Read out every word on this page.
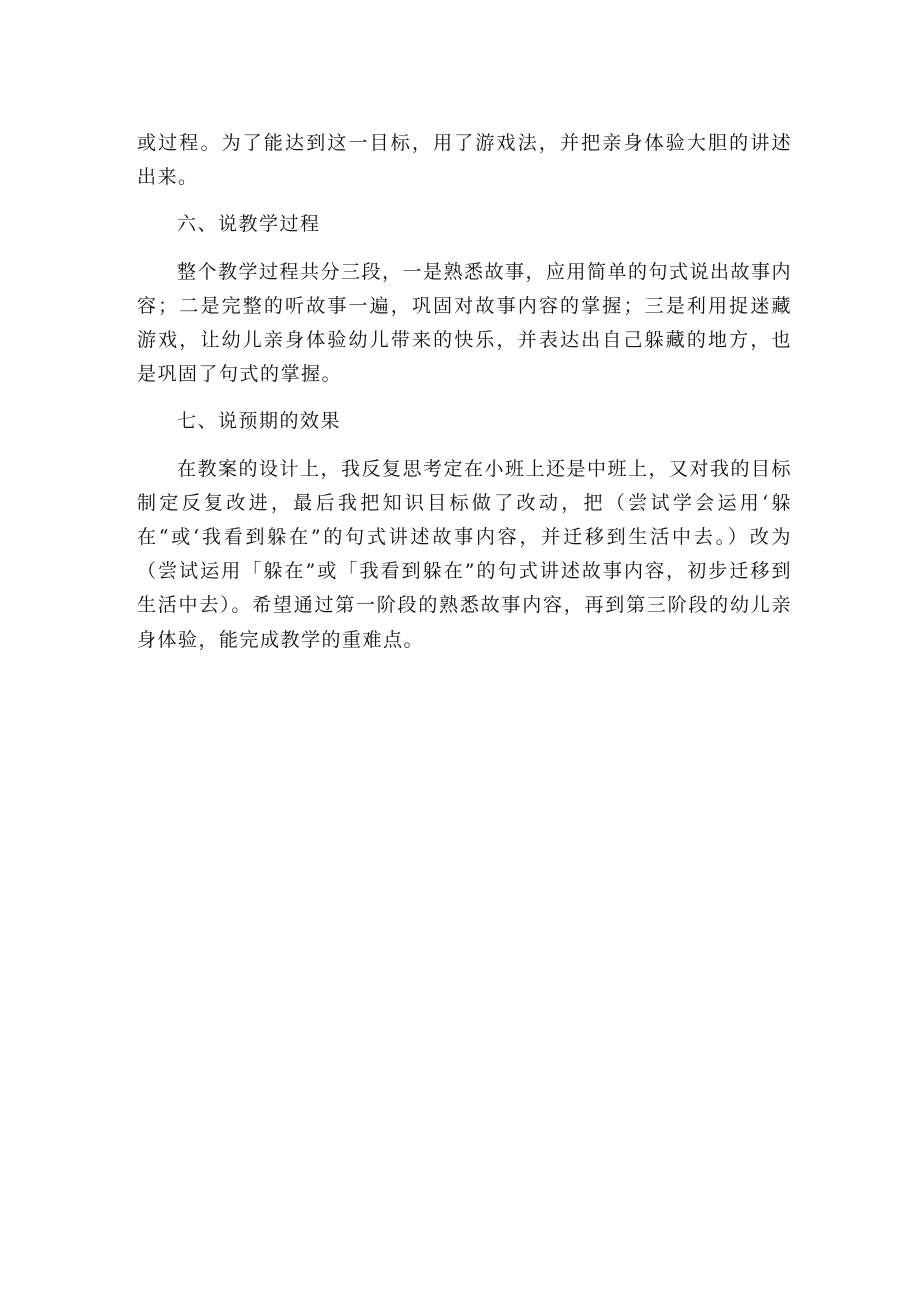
或过程。为了能达到这一目标，用了游戏法，并把亲身体验大胆的讲述出来。

六、说教学过程

整个教学过程共分三段，一是熟悉故事，应用简单的句式说出故事内容；二是完整的听故事一遍，巩固对故事内容的掌握；三是利用捉迷藏游戏，让幼儿亲身体验幼儿带来的快乐，并表达出自己躲藏的地方，也是巩固了句式的掌握。

七、说预期的效果

在教案的设计上，我反复思考定在小班上还是中班上，又对我的目标制定反复改进，最后我把知识目标做了改动，把（尝试学会运用‘躲在“或‘我看到躲在”的句式讲述故事内容，并迁移到生活中去。）改为（尝试运用「躲在”或「我看到躲在”的句式讲述故事内容，初步迁移到生活中去）。希望通过第一阶段的熟悉故事内容，再到第三阶段的幼儿亲身体验，能完成教学的重难点。
